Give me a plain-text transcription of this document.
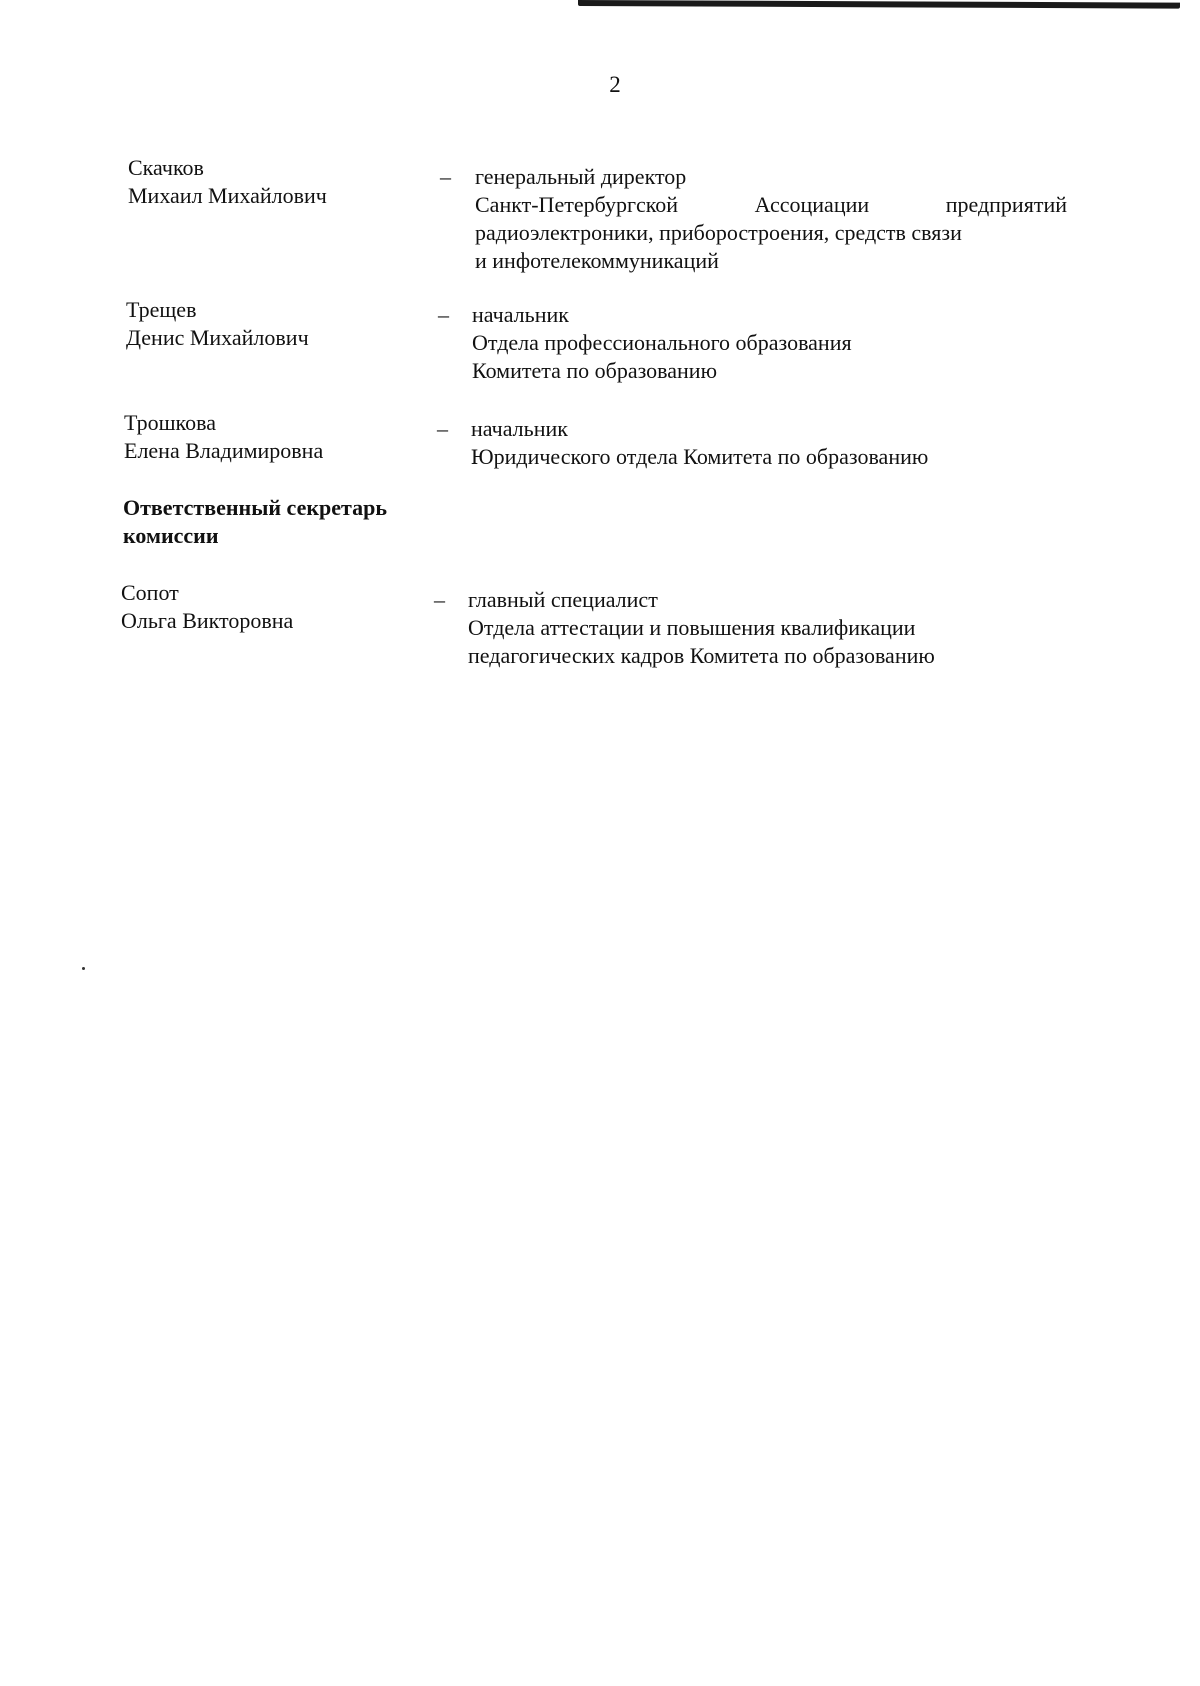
2
Скачков
Михаил Михайлович
– генеральный директор
Санкт-Петербургской	Ассоциации	предприятий
радиоэлектроники, приборостроения, средств связи
и инфотелекоммуникаций
Трещев
Денис Михайлович
– начальник
Отдела профессионального образования
Комитета по образованию
Трошкова
Елена Владимировна
– начальник
Юридического отдела Комитета по образованию
Ответственный секретарь
комиссии
Сопот
Ольга Викторовна
– главный специалист
Отдела аттестации и повышения квалификации
педагогических кадров Комитета по образованию
